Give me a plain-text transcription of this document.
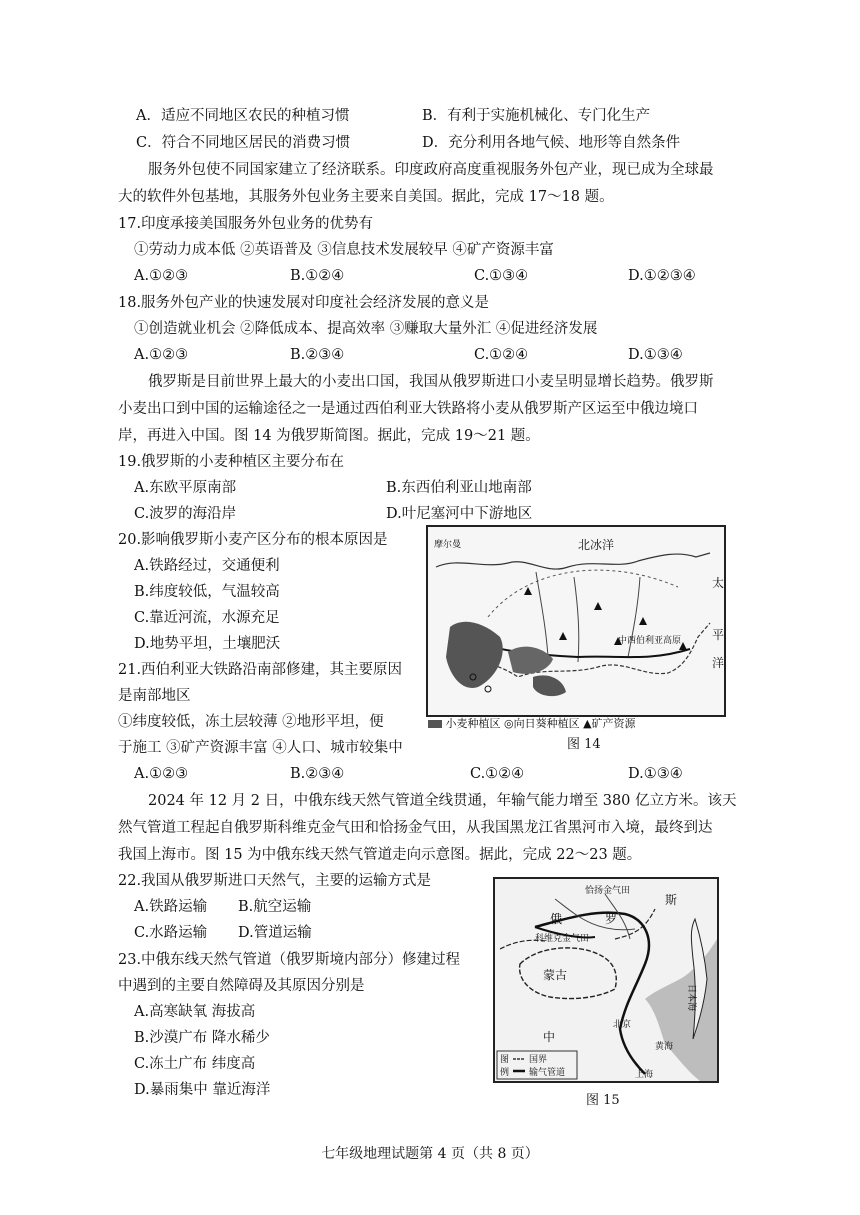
A．适应不同地区农民的种植习惯	B．有利于实施机械化、专门化生产
C．符合不同地区居民的消费习惯	D．充分利用各地气候、地形等自然条件
服务外包使不同国家建立了经济联系。印度政府高度重视服务外包产业，现已成为全球最
大的软件外包基地，其服务外包业务主要来自美国。据此，完成 17～18 题。
17.印度承接美国服务外包业务的优势有
①劳动力成本低 ②英语普及 ③信息技术发展较早 ④矿产资源丰富
A.①②③	B.①②④	C.①③④	D.①②③④
18.服务外包产业的快速发展对印度社会经济发展的意义是
①创造就业机会 ②降低成本、提高效率 ③赚取大量外汇 ④促进经济发展
A.①②③	B.②③④	C.①②④	D.①③④
俄罗斯是目前世界上最大的小麦出口国，我国从俄罗斯进口小麦呈明显增长趋势。俄罗斯
小麦出口到中国的运输途径之一是通过西伯利亚大铁路将小麦从俄罗斯产区运至中俄边境口
岸，再进入中国。图 14 为俄罗斯简图。据此，完成 19～21 题。
19.俄罗斯的小麦种植区主要分布在
A.东欧平原南部	B.东西伯利亚山地南部
C.波罗的海沿岸	D.叶尼塞河中下游地区
20.影响俄罗斯小麦产区分布的根本原因是
A.铁路经过，交通便利
B.纬度较低，气温较高
C.靠近河流，水源充足
D.地势平坦，土壤肥沃
21.西伯利亚大铁路沿南部修建，其主要原因
是南部地区
①纬度较低，冻土层较薄 ②地形平坦，便
于施工 ③矿产资源丰富 ④人口、城市较集中
A.①②③	B.②③④	C.①②④	D.①③④
摩尔曼	北冰洋
中西伯利亚高原
太
平
洋
小麦种植区 ◎向日葵种植区 ▲矿产资源
图 14
2024 年 12 月 2 日，中俄东线天然气管道全线贯通，年输气能力增至 380 亿立方米。该天
然气管道工程起自俄罗斯科维克金气田和恰扬金气田，从我国黑龙江省黑河市入境，最终到达
我国上海市。图 15 为中俄东线天然气管道走向示意图。据此，完成 22～23 题。
22.我国从俄罗斯进口天然气，主要的运输方式是
A.铁路运输 B.航空运输
C.水路运输 D.管道运输
23.中俄东线天然气管道（俄罗斯境内部分）修建过程
中遇到的主要自然障碍及其原因分别是
A.高寒缺氧 海拔高
B.沙漠广布 降水稀少
C.冻土广布 纬度高
D.暴雨集中 靠近海洋
图
例
国界
输气管道
恰扬金气田
科维克金气田
俄	罗
斯
蒙古
中
北京
日本海
黄海
上海
图 15
七年级地理试题第 4 页（共 8 页）
